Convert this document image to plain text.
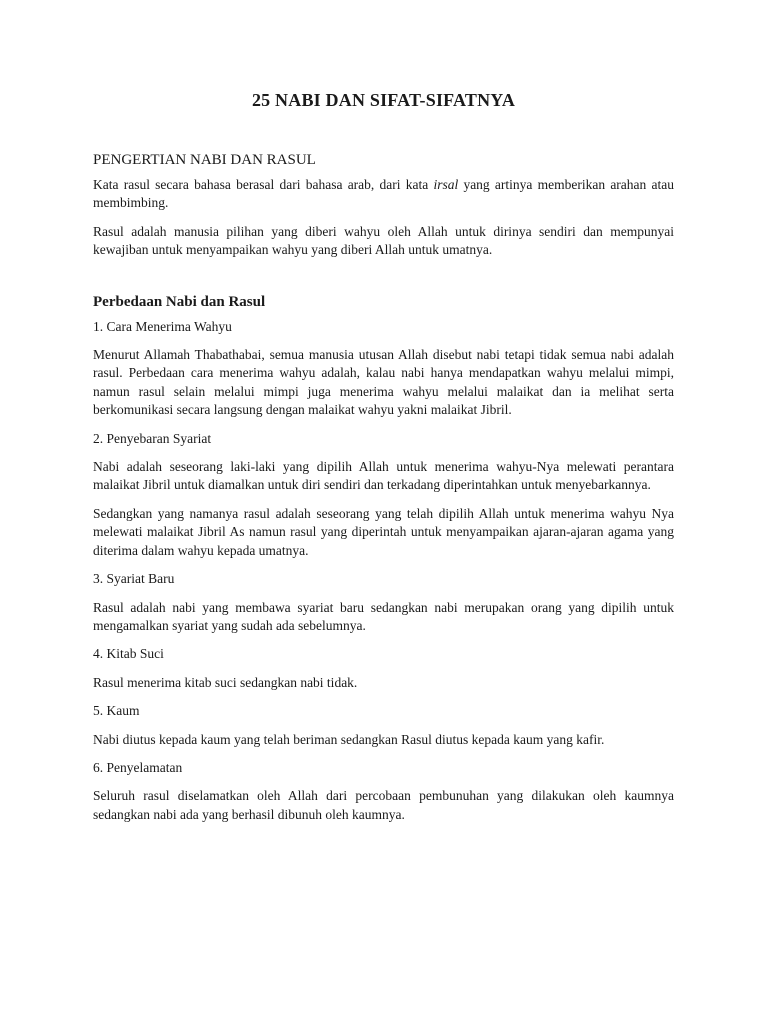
25 NABI DAN SIFAT-SIFATNYA
PENGERTIAN NABI DAN RASUL

Kata rasul secara bahasa berasal dari bahasa arab, dari kata irsal yang artinya memberikan arahan atau membimbing.

Rasul adalah manusia pilihan yang diberi wahyu oleh Allah untuk dirinya sendiri dan mempunyai kewajiban untuk menyampaikan wahyu yang diberi Allah untuk umatnya.

Perbedaan Nabi dan Rasul

1. Cara Menerima Wahyu

Menurut Allamah Thabathabai, semua manusia utusan Allah disebut nabi tetapi tidak semua nabi adalah rasul. Perbedaan cara menerima wahyu adalah, kalau nabi hanya mendapatkan wahyu melalui mimpi, namun rasul selain melalui mimpi juga menerima wahyu melalui malaikat dan ia melihat serta berkomunikasi secara langsung dengan malaikat wahyu yakni malaikat Jibril.

2. Penyebaran Syariat

Nabi adalah seseorang laki-laki yang dipilih Allah untuk menerima wahyu-Nya melewati perantara malaikat Jibril untuk diamalkan untuk diri sendiri dan terkadang diperintahkan untuk menyebarkannya.

Sedangkan yang namanya rasul adalah seseorang yang telah dipilih Allah untuk menerima wahyu Nya melewati malaikat Jibril As namun rasul yang diperintah untuk menyampaikan ajaran-ajaran agama yang diterima dalam wahyu kepada umatnya.

3. Syariat Baru

Rasul adalah nabi yang membawa syariat baru sedangkan nabi merupakan orang yang dipilih untuk mengamalkan syariat yang sudah ada sebelumnya.

4. Kitab Suci

Rasul menerima kitab suci sedangkan nabi tidak.

5. Kaum

Nabi diutus kepada kaum yang telah beriman sedangkan Rasul diutus kepada kaum yang kafir.

6. Penyelamatan

Seluruh rasul diselamatkan oleh Allah dari percobaan pembunuhan yang dilakukan oleh kaumnya sedangkan nabi ada yang berhasil dibunuh oleh kaumnya.
